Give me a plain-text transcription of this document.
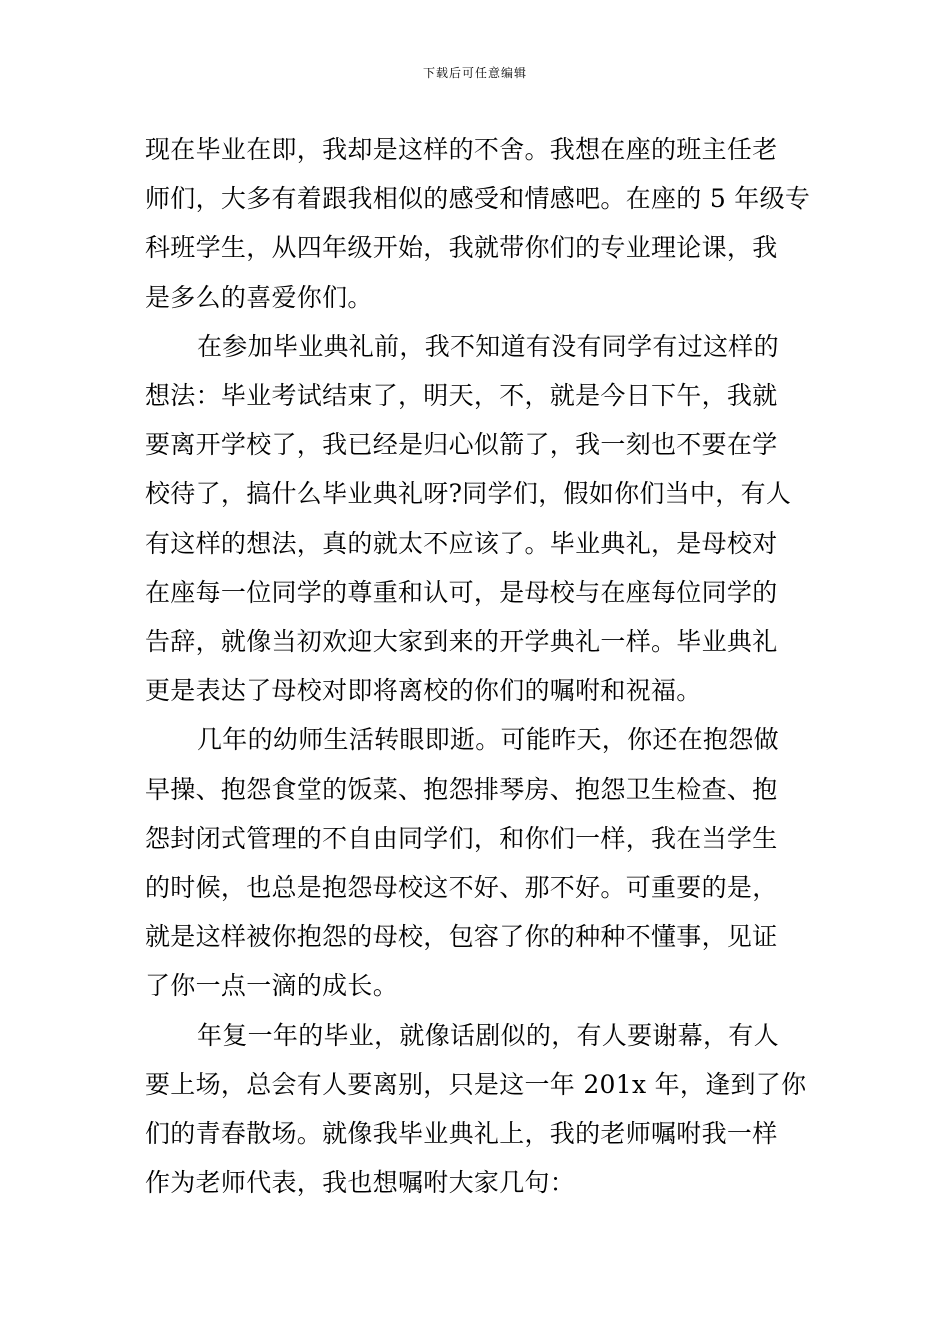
下载后可任意编辑

现在毕业在即，我却是这样的不舍。我想在座的班主任老
师们，大多有着跟我相似的感受和情感吧。在座的 5 年级专
科班学生，从四年级开始，我就带你们的专业理论课，我
是多么的喜爱你们。

在参加毕业典礼前，我不知道有没有同学有过这样的
想法：毕业考试结束了，明天，不，就是今日下午，我就
要离开学校了，我已经是归心似箭了，我一刻也不要在学
校待了，搞什么毕业典礼呀?同学们，假如你们当中，有人
有这样的想法，真的就太不应该了。毕业典礼，是母校对
在座每一位同学的尊重和认可，是母校与在座每位同学的
告辞，就像当初欢迎大家到来的开学典礼一样。毕业典礼
更是表达了母校对即将离校的你们的嘱咐和祝福。

几年的幼师生活转眼即逝。可能昨天，你还在抱怨做
早操、抱怨食堂的饭菜、抱怨排琴房、抱怨卫生检查、抱
怨封闭式管理的不自由同学们，和你们一样，我在当学生
的时候，也总是抱怨母校这不好、那不好。可重要的是，
就是这样被你抱怨的母校，包容了你的种种不懂事，见证
了你一点一滴的成长。

年复一年的毕业，就像话剧似的，有人要谢幕，有人
要上场，总会有人要离别，只是这一年 201x 年，逢到了你
们的青春散场。就像我毕业典礼上，我的老师嘱咐我一样
作为老师代表，我也想嘱咐大家几句：
